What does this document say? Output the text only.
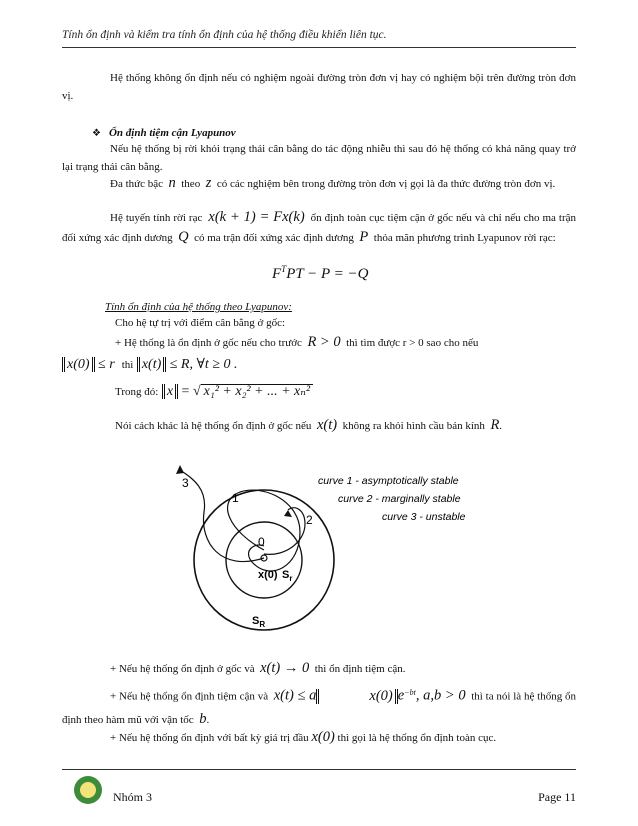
Tính ổn định và kiểm tra tính ổn định của hệ thống điều khiển liên tục.
Hệ thống không ổn định nếu có nghiệm ngoài đường tròn đơn vị hay có nghiệm bội trên đường tròn đơn vị.
❖ Ổn định tiệm cận Lyapunov
Nếu hệ thống bị rời khỏi trạng thái cân bằng do tác động nhiễu thì sau đó hệ thống có khả năng quay trở lại trạng thái cân bằng.
Đa thức bậc n theo z có các nghiệm bên trong đường tròn đơn vị gọi là đa thức đường tròn đơn vị.
Hệ tuyến tính rời rạc x(k + 1) = Fx(k) ổn định toàn cục tiệm cận ở gốc nếu và chỉ nếu cho ma trận đối xứng xác định dương Q có ma trận đối xứng xác định dương P thỏa mãn phương trình Lyapunov rời rạc:
$F^TPT - P = -Q$
Tính ổn định của hệ thống theo Lyapunov:
Cho hệ tự trị với điểm cân bằng ở gốc:
+ Hệ thống là ổn định ở gốc nếu cho trước R > 0 thì tìm được r > 0 sao cho nếu
x(0) ≤ r thì x(t) ≤ R, ∀t ≥ 0 .
Trong đó: x = √ x₁² + x₂² + ... + xₙ²
Nói cách khác là hệ thống ổn định ở gốc nếu x(t) không ra khỏi hình cầu bán kính R.
3
1
2
0
x(0) $S_r$
$S_R$
curve 1 - asymptotically stable
curve 2 - marginally stable
curve 3 - unstable
+ Nếu hệ thống ổn định ở gốc và x(t) → 0 thì ổn định tiệm cận.
+ Nếu hệ thống ổn định tiệm cận và x(t) ≤ a	x(0) $e^{-bt}$, a,b > 0 thì ta nói là hệ thống ổn định theo hàm mũ với vận tốc b.
+ Nếu hệ thống ổn định với bất kỳ giá trị đầu x(0) thì gọi là hệ thống ổn định toàn cục.
Nhóm 3	Page 11
